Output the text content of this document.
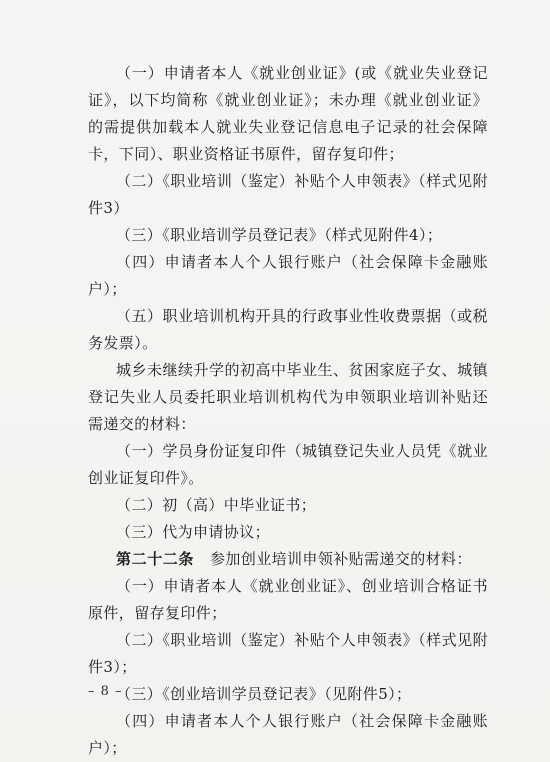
（一）申请者本人《就业创业证》(或《就业失业登记证》，以下均简称《就业创业证》；未办理《就业创业证》的需提供加载本人就业失业登记信息电子记录的社会保障卡，下同）、职业资格证书原件，留存复印件；

（二）《职业培训（鉴定）补贴个人申领表》（样式见附件3）

（三）《职业培训学员登记表》（样式见附件4）；

（四）申请者本人个人银行账户（社会保障卡金融账户）；

（五）职业培训机构开具的行政事业性收费票据（或税务发票）。

城乡未继续升学的初高中毕业生、贫困家庭子女、城镇登记失业人员委托职业培训机构代为申领职业培训补贴还需递交的材料：

（一）学员身份证复印件（城镇登记失业人员凭《就业创业证复印件》。

（二）初（高）中毕业证书；

（三）代为申请协议；

第二十二条 参加创业培训申领补贴需递交的材料：

（一）申请者本人《就业创业证》、创业培训合格证书原件，留存复印件；

（二）《职业培训（鉴定）补贴个人申领表》（样式见附件3）；

（三）《创业培训学员登记表》（见附件5）；

（四）申请者本人个人银行账户（社会保障卡金融账户）；

– 8 –
